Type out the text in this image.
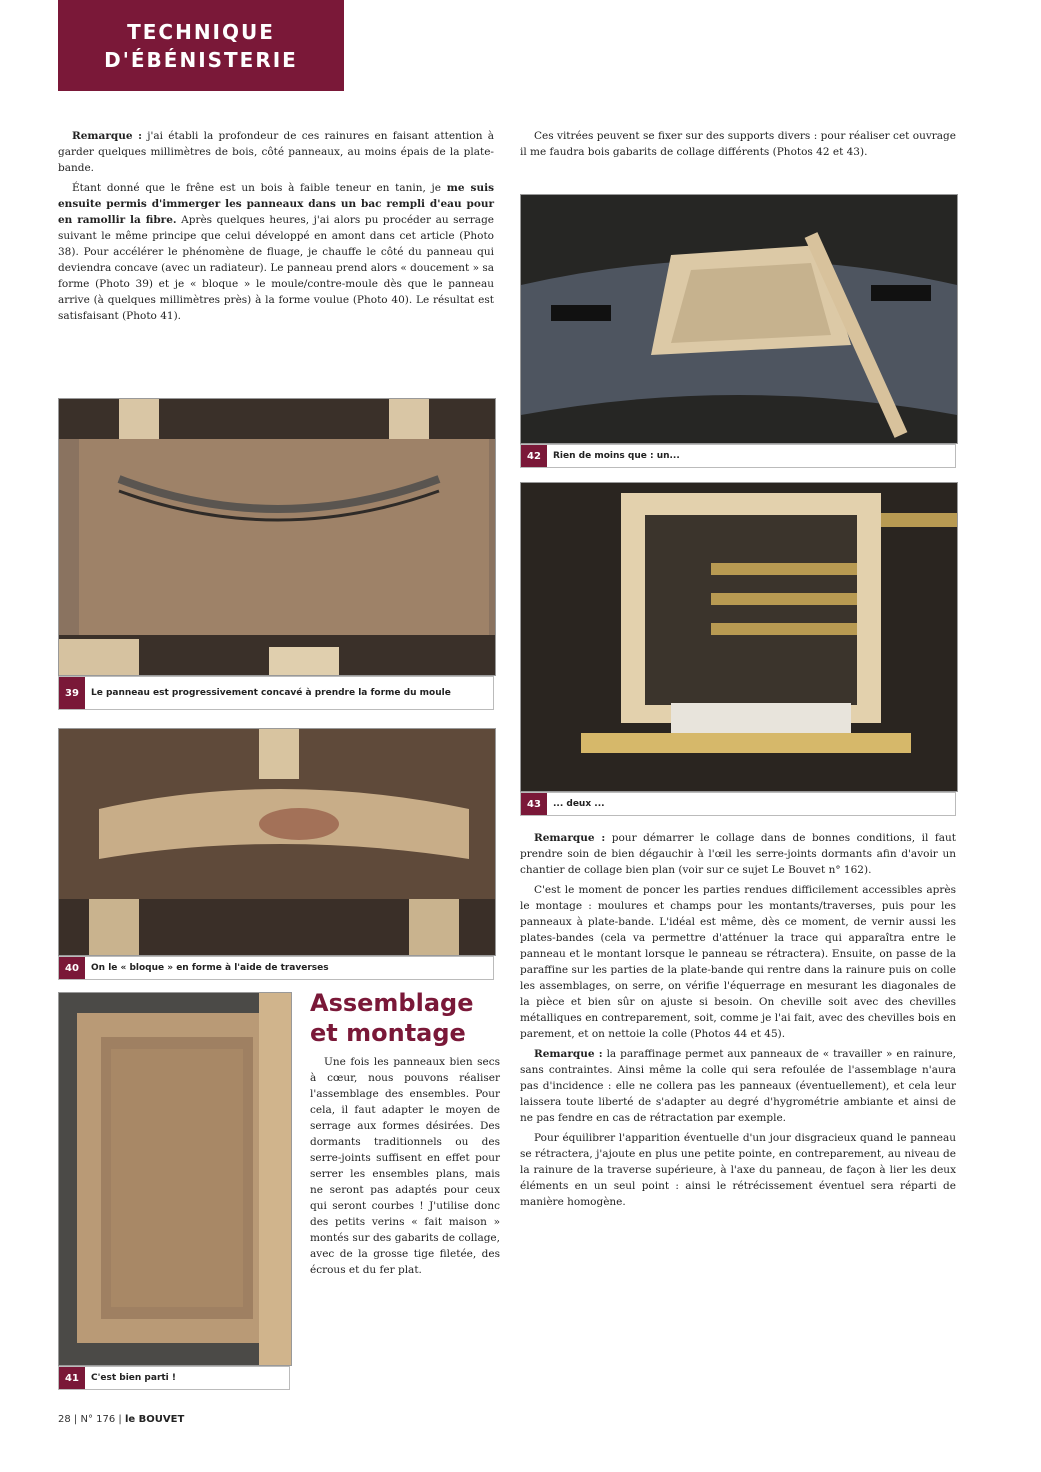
TECHNIQUE
D'ÉBÉNISTERIE

Remarque : j'ai établi la profondeur de ces rainures en faisant attention à garder quelques millimètres de bois, côté panneaux, au moins épais de la plate-bande.

Étant donné que le frêne est un bois à faible teneur en tanin, je me suis ensuite permis d'immerger les panneaux dans un bac rempli d'eau pour en ramollir la fibre. Après quelques heures, j'ai alors pu procéder au serrage suivant le même principe que celui développé en amont dans cet article (Photo 38). Pour accélérer le phénomène de fluage, je chauffe le côté du panneau qui deviendra concave (avec un radiateur). Le panneau prend alors « doucement » sa forme (Photo 39) et je « bloque » le moule/contre-moule dès que le panneau arrive (à quelques millimètres près) à la forme voulue (Photo 40). Le résultat est satisfaisant (Photo 41).

Ces vitrées peuvent se fixer sur des supports divers : pour réaliser cet ouvrage il me faudra bois gabarits de collage différents (Photos 42 et 43).

39	Le panneau est progressivement concavé à prendre la forme du moule
40	On le « bloque » en forme à l'aide de traverses
41	C'est bien parti !
Assemblage et montage

Une fois les panneaux bien secs à cœur, nous pouvons réaliser l'assemblage des ensembles. Pour cela, il faut adapter le moyen de serrage aux formes désirées. Des dormants traditionnels ou des serre-joints suffisent en effet pour serrer les ensembles plans, mais ne seront pas adaptés pour ceux qui seront courbes ! J'utilise donc des petits verins « fait maison » montés sur des gabarits de collage, avec de la grosse tige filetée, des écrous et du fer plat.

42	Rien de moins que : un...
43	... deux ...

Remarque : pour démarrer le collage dans de bonnes conditions, il faut prendre soin de bien dégauchir à l'œil les serre-joints dormants afin d'avoir un chantier de collage bien plan (voir sur ce sujet Le Bouvet n° 162).

C'est le moment de poncer les parties rendues difficilement accessibles après le montage : moulures et champs pour les montants/traverses, puis pour les panneaux à plate-bande. L'idéal est même, dès ce moment, de vernir aussi les plates-bandes (cela va permettre d'atténuer la trace qui apparaîtra entre le panneau et le montant lorsque le panneau se rétractera). Ensuite, on passe de la paraffine sur les parties de la plate-bande qui rentre dans la rainure puis on colle les assemblages, on serre, on vérifie l'équerrage en mesurant les diagonales de la pièce et bien sûr on ajuste si besoin. On cheville soit avec des chevilles métalliques en contreparement, soit, comme je l'ai fait, avec des chevilles bois en parement, et on nettoie la colle (Photos 44 et 45).

Remarque : la paraffinage permet aux panneaux de « travailler » en rainure, sans contraintes. Ainsi même la colle qui sera refoulée de l'assemblage n'aura pas d'incidence : elle ne collera pas les panneaux (éventuellement), et cela leur laissera toute liberté de s'adapter au degré d'hygrométrie ambiante et ainsi de ne pas fendre en cas de rétractation par exemple.

Pour équilibrer l'apparition éventuelle d'un jour disgracieux quand le panneau se rétractera, j'ajoute en plus une petite pointe, en contreparement, au niveau de la rainure de la traverse supérieure, à l'axe du panneau, de façon à lier les deux éléments en un seul point : ainsi le rétrécissement éventuel sera réparti de manière homogène.

28 | N° 176 | le BOUVET
